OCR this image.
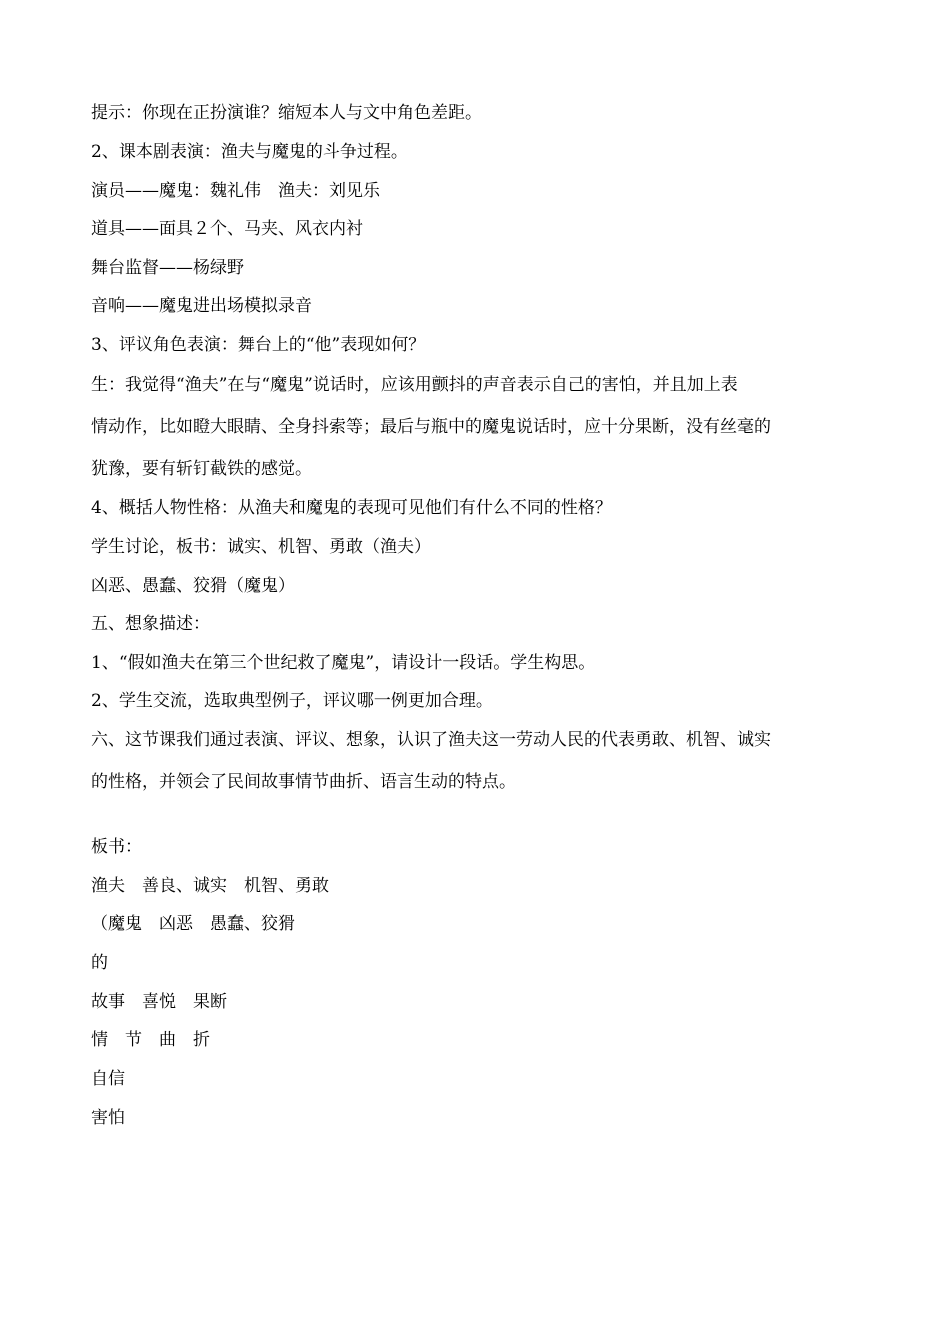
提示：你现在正扮演谁？缩短本人与文中角色差距。
2、课本剧表演：渔夫与魔鬼的斗争过程。
演员——魔鬼：魏礼伟　渔夫：刘见乐
道具——面具２个、马夹、风衣内衬
舞台监督——杨绿野
音响——魔鬼进出场模拟录音
3、评议角色表演：舞台上的“他”表现如何？
生：我觉得“渔夫”在与“魔鬼”说话时，应该用颤抖的声音表示自己的害怕，并且加上表
情动作，比如瞪大眼睛、全身抖索等；最后与瓶中的魔鬼说话时，应十分果断，没有丝毫的
犹豫，要有斩钉截铁的感觉。
4、概括人物性格：从渔夫和魔鬼的表现可见他们有什么不同的性格？
学生讨论，板书：诚实、机智、勇敢（渔夫）
凶恶、愚蠢、狡猾（魔鬼）
五、想象描述：
1、“假如渔夫在第三个世纪救了魔鬼”，请设计一段话。学生构思。
2、学生交流，选取典型例子，评议哪一例更加合理。
六、这节课我们通过表演、评议、想象，认识了渔夫这一劳动人民的代表勇敢、机智、诚实
的性格，并领会了民间故事情节曲折、语言生动的特点。
板书：
渔夫　善良、诚实　机智、勇敢
（魔鬼　凶恶　愚蠢、狡猾
的
故事　喜悦　果断
情　节　曲　折
自信
害怕
